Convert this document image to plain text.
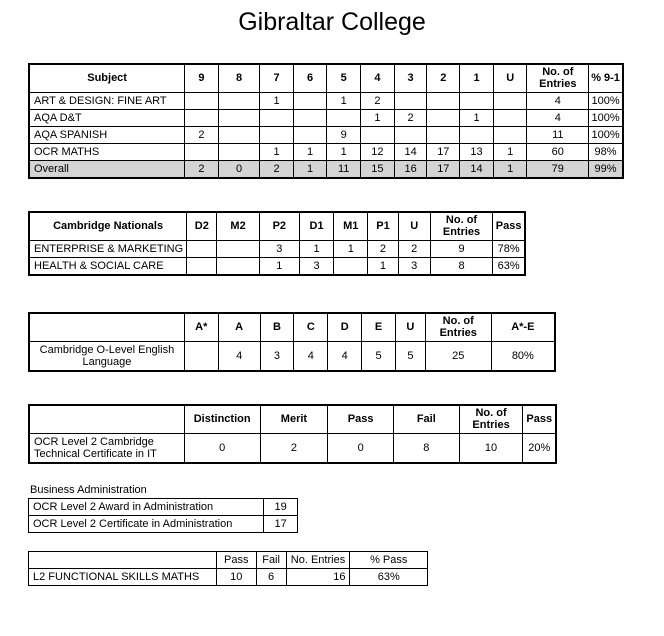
Gibraltar College
Subject	9	8	7	6	5	4	3	2	1	U	No. of Entries	% 9-1
ART & DESIGN: FINE ART			1		1	2					4	100%
AQA D&T						1	2		1		4	100%
AQA SPANISH	2				9						11	100%
OCR MATHS			1	1	1	12	14	17	13	1	60	98%
Overall	2	0	2	1	11	15	16	17	14	1	79	99%
Cambridge Nationals	D2	M2	P2	D1	M1	P1	U	No. of Entries	Pass
ENTERPRISE & MARKETING			3	1	1	2	2	9	78%
HEALTH & SOCIAL CARE			1	3		1	3	8	63%
	A*	A	B	C	D	E	U	No. of Entries	A*-E
Cambridge O-Level English Language		4	3	4	4	5	5	25	80%
	Distinction	Merit	Pass	Fail	No. of Entries	Pass
OCR Level 2 Cambridge Technical Certificate in IT	0	2	0	8	10	20%
Business Administration
OCR Level 2 Award in Administration	19
OCR Level 2 Certificate in Administration	17
	Pass	Fail	No. Entries	% Pass
L2 FUNCTIONAL SKILLS MATHS	10	6	16	63%
